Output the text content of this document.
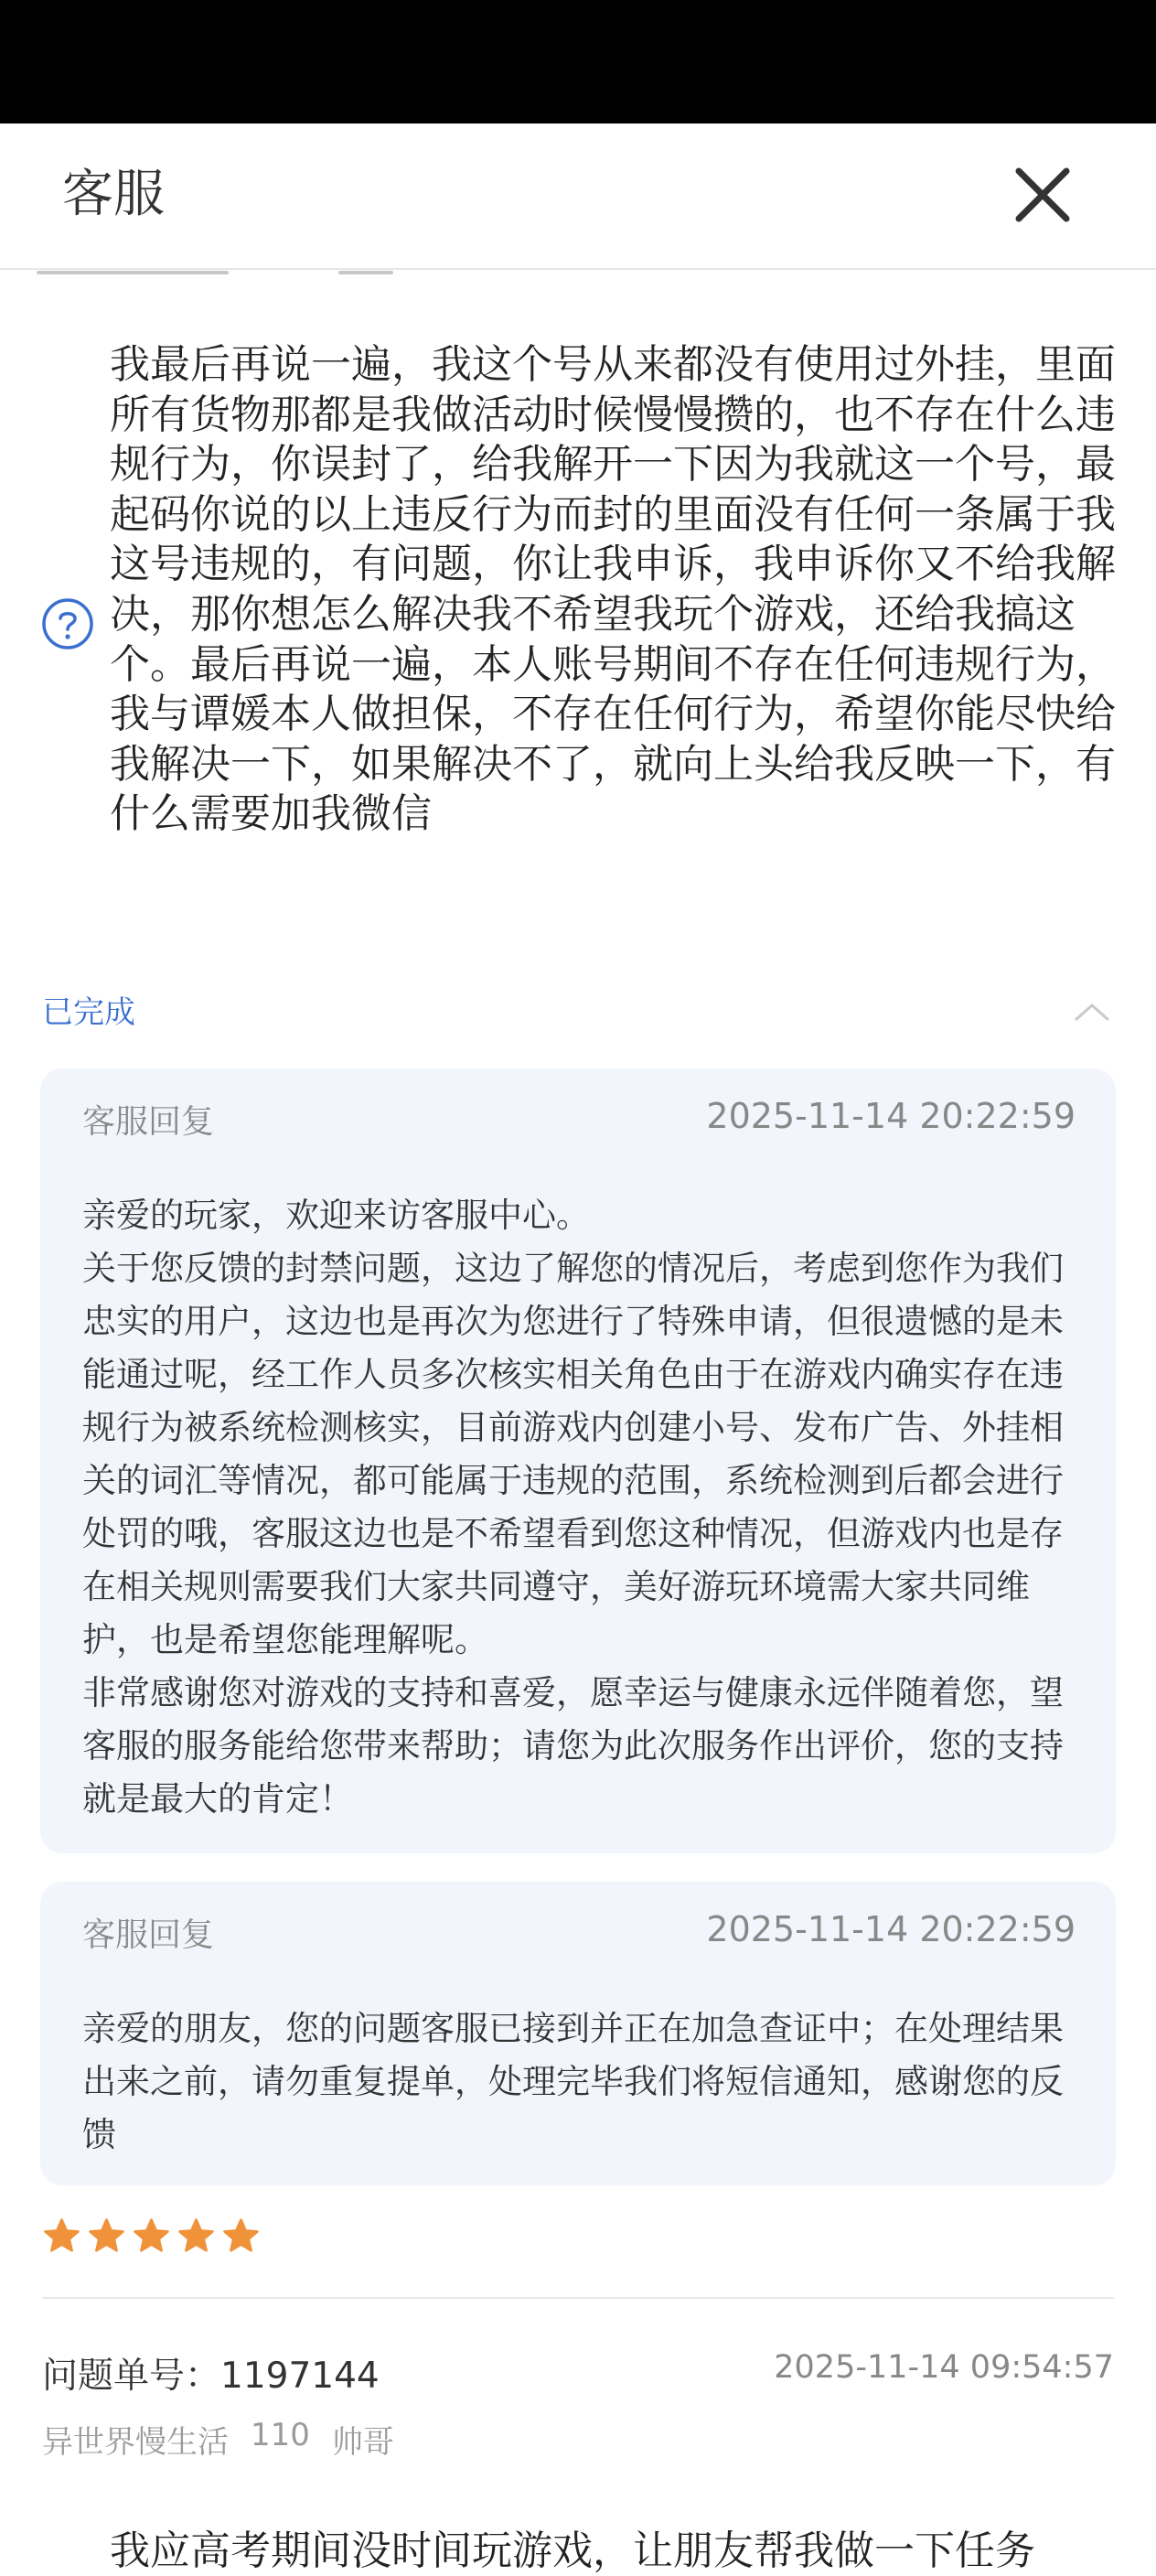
客服

我最后再说一遍，我这个号从来都没有使用过外挂，里面所有货物那都是我做活动时候慢慢攒的，也不存在什么违规行为，你误封了，给我解开一下因为我就这一个号，最起码你说的以上违反行为而封的里面没有任何一条属于我这号违规的，有问题，你让我申诉，我申诉你又不给我解决，那你想怎么解决我不希望我玩个游戏，还给我搞这个。最后再说一遍，本人账号期间不存在任何违规行为，我与谭媛本人做担保，不存在任何行为，希望你能尽快给我解决一下，如果解决不了，就向上头给我反映一下，有什么需要加我微信

已完成
客服回复	2025-11-14 20:22:59

亲爱的玩家，欢迎来访客服中心。
关于您反馈的封禁问题，这边了解您的情况后，考虑到您作为我们忠实的用户，这边也是再次为您进行了特殊申请，但很遗憾的是未能通过呢，经工作人员多次核实相关角色由于在游戏内确实存在违规行为被系统检测核实，目前游戏内创建小号、发布广告、外挂相关的词汇等情况，都可能属于违规的范围，系统检测到后都会进行处罚的哦，客服这边也是不希望看到您这种情况，但游戏内也是存在相关规则需要我们大家共同遵守，美好游玩环境需大家共同维护，也是希望您能理解呢。
非常感谢您对游戏的支持和喜爱，愿幸运与健康永远伴随着您，望客服的服务能给您带来帮助；请您为此次服务作出评价，您的支持就是最大的肯定！

客服回复	2025-11-14 20:22:59

亲爱的朋友，您的问题客服已接到并正在加急查证中；在处理结果出来之前，请勿重复提单，处理完毕我们将短信通知，感谢您的反馈

问题单号：1197144	2025-11-14 09:54:57
异世界慢生活 110 帅哥
我应高考期间没时间玩游戏，让朋友帮我做一下任务
